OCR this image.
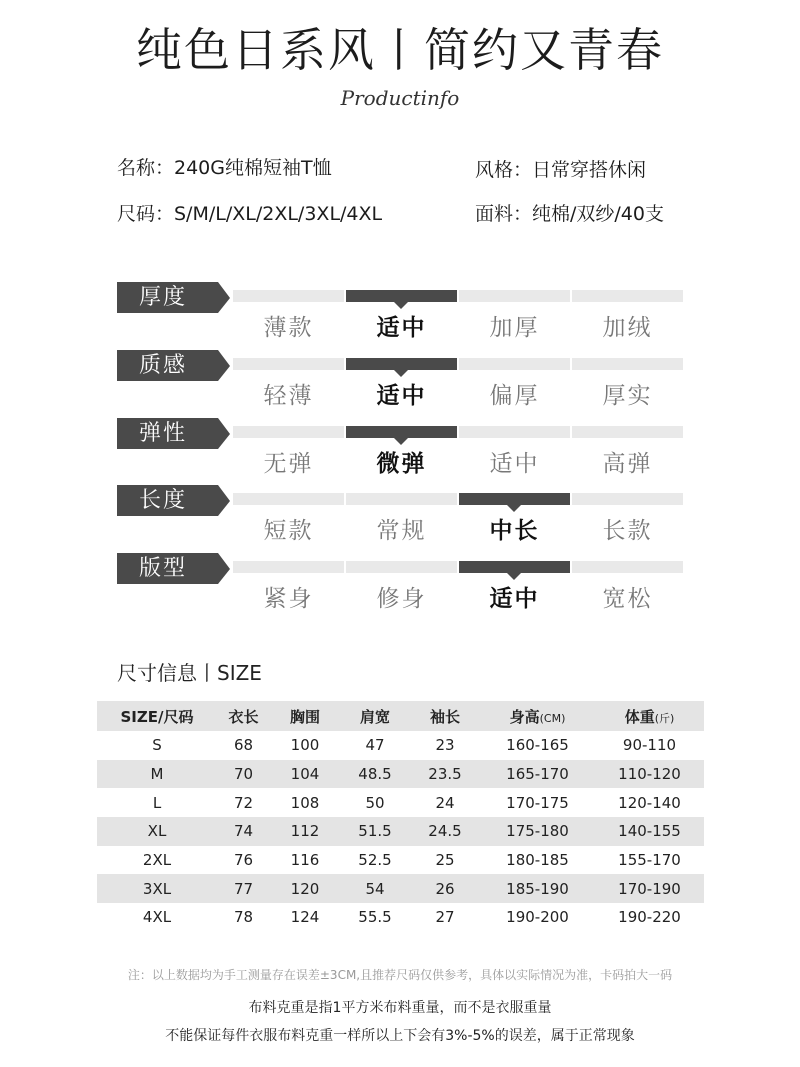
纯色日系风丨简约又青春
Productinfo
名称：240G纯棉短袖T恤	风格：日常穿搭休闲
尺码：S/M/L/XL/2XL/3XL/4XL	面料：纯棉/双纱/40支
厚度
薄款	适中	加厚	加绒
质感
轻薄	适中	偏厚	厚实
弹性
无弹	微弹	适中	高弹
长度
短款	常规	中长	长款
版型
紧身	修身	适中	宽松
尺寸信息丨SIZE
SIZE/尺码	衣长	胸围	肩宽	袖长	身高(CM)	体重(斤)
S	68	100	47	23	160-165	90-110
M	70	104	48.5	23.5	165-170	110-120
L	72	108	50	24	170-175	120-140
XL	74	112	51.5	24.5	175-180	140-155
2XL	76	116	52.5	25	180-185	155-170
3XL	77	120	54	26	185-190	170-190
4XL	78	124	55.5	27	190-200	190-220
注：以上数据均为手工测量存在误差±3CM,且推荐尺码仅供参考，具体以实际情况为准，卡码拍大一码
布料克重是指1平方米布料重量，而不是衣服重量
不能保证每件衣服布料克重一样所以上下会有3%-5%的误差，属于正常现象
